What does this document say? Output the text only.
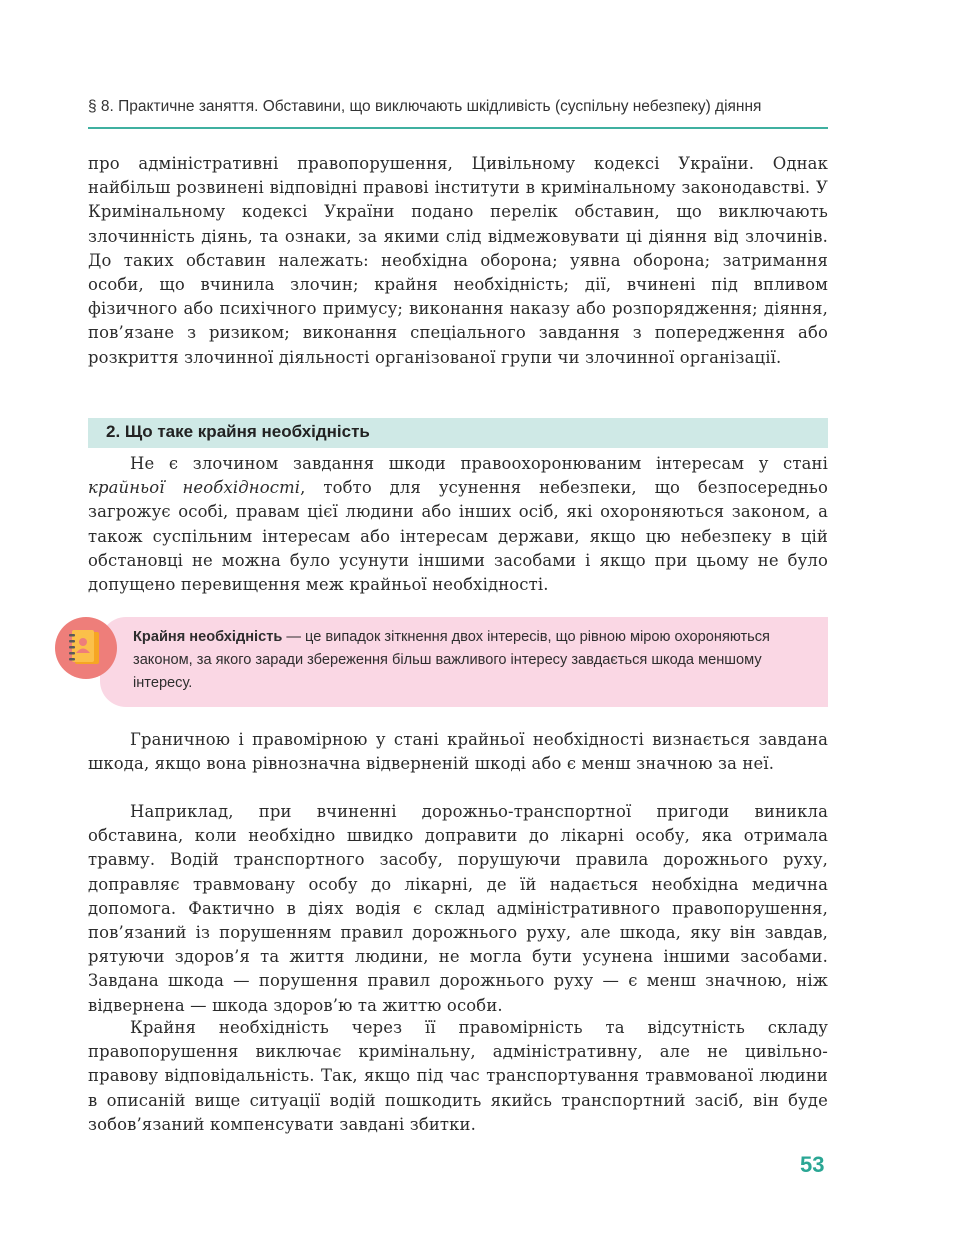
§ 8. Практичне заняття. Обставини, що виключають шкідливість (суспільну небезпеку) діяння

про адміністративні правопорушення, Цивільному кодексі України. Однак найбільш розвинені відповідні правові інститути в кримінальному законодавстві. У Кримінальному кодексі України подано перелік обставин, що виключають злочинність діянь, та ознаки, за якими слід відмежовувати ці діяння від злочинів. До таких обставин належать: необхідна оборона; уявна оборона; затримання особи, що вчинила злочин; крайня необхідність; дії, вчинені під впливом фізичного або психічного примусу; виконання наказу або розпорядження; діяння, пов’язане з ризиком; виконання спеціального завдання з попередження або розкриття злочинної діяльності організованої групи чи злочинної організації.

2. Що таке крайня необхідність

Не є злочином завдання шкоди правоохоронюваним інтересам у стані крайньої необхідності, тобто для усунення небезпеки, що безпосередньо загрожує особі, правам цієї людини або інших осіб, які охороняються законом, а також суспільним інтересам або інтересам держави, якщо цю небезпеку в цій обстановці не можна було усунути іншими засобами і якщо при цьому не було допущено перевищення меж крайньої необхідності.

Крайня необхідність — це випадок зіткнення двох інтересів, що рівною мірою охороняються законом, за якого заради збереження більш важливого інтересу завдається шкода меншому інтересу.

Граничною і правомірною у стані крайньої необхідності визнається завдана шкода, якщо вона рівнозначна відверненій шкоді або є менш значною за неї.

Наприклад, при вчиненні дорожньо-транспортної пригоди виникла обставина, коли необхідно швидко доправити до лікарні особу, яка отримала травму. Водій транспортного засобу, порушуючи правила дорожнього руху, доправляє травмовану особу до лікарні, де їй надається необхідна медична допомога. Фактично в діях водія є склад адміністративного правопорушення, пов’язаний із порушенням правил дорожнього руху, але шкода, яку він завдав, рятуючи здоров’я та життя людини, не могла бути усунена іншими засобами. Завдана шкода — порушення правил дорожнього руху — є менш значною, ніж відвернена — шкода здоров’ю та життю особи.

Крайня необхідність через її правомірність та відсутність складу правопорушення виключає кримінальну, адміністративну, але не цивільно-правову відповідальність. Так, якщо під час транспортування травмованої людини в описаній вище ситуації водій пошкодить якийсь транспортний засіб, він буде зобов’язаний компенсувати завдані збитки.

53
